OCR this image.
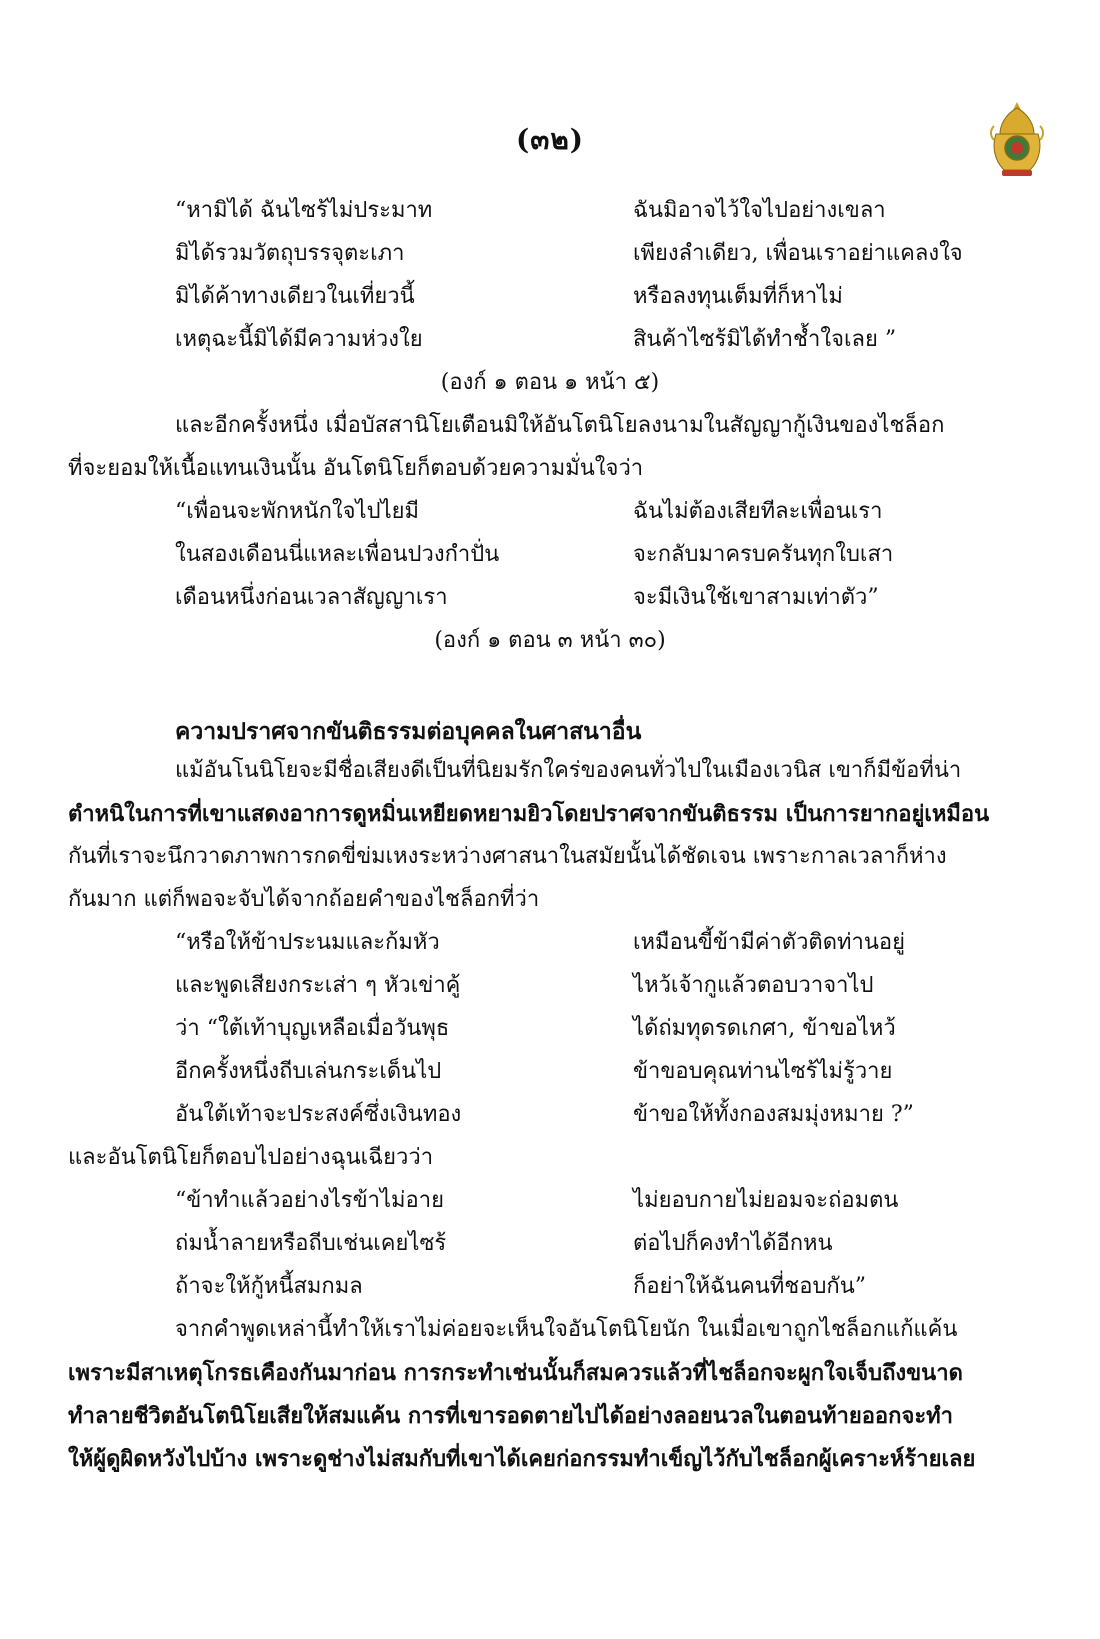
(๓๒)
“หามิได้ ฉันไซร้ไม่ประมาท	ฉันมิอาจไว้ใจไปอย่างเขลา
มิได้รวมวัตถุบรรจุตะเภา	เพียงลำเดียว, เพื่อนเราอย่าแคลงใจ
มิได้ค้าทางเดียวในเที่ยวนี้	หรือลงทุนเต็มที่ก็หาไม่
เหตุฉะนี้มิได้มีความห่วงใย	สินค้าไซร้มิได้ทำช้ำใจเลย ”
(องก์ ๑ ตอน ๑ หน้า ๕)
และอีกครั้งหนึ่ง เมื่อบัสสานิโยเตือนมิให้อันโตนิโยลงนามในสัญญากู้เงินของไชล็อก
ที่จะยอมให้เนื้อแทนเงินนั้น อันโตนิโยก็ตอบด้วยความมั่นใจว่า
“เพื่อนจะพักหนักใจไปไยมี	ฉันไม่ต้องเสียทีละเพื่อนเรา
ในสองเดือนนี่แหละเพื่อนปวงกำปั่น	จะกลับมาครบครันทุกใบเสา
เดือนหนึ่งก่อนเวลาสัญญาเรา	จะมีเงินใช้เขาสามเท่าตัว”
(องก์ ๑ ตอน ๓ หน้า ๓๐)
ความปราศจากขันติธรรมต่อบุคคลในศาสนาอื่น
แม้อันโนนิโยจะมีชื่อเสียงดีเป็นที่นิยมรักใคร่ของคนทั่วไปในเมืองเวนิส เขาก็มีข้อที่น่า
ตำหนิในการที่เขาแสดงอาการดูหมิ่นเหยียดหยามยิวโดยปราศจากขันติธรรม เป็นการยากอยู่เหมือน
กันที่เราจะนึกวาดภาพการกดขี่ข่มเหงระหว่างศาสนาในสมัยนั้นได้ชัดเจน เพราะกาลเวลาก็ห่าง
กันมาก แต่ก็พอจะจับได้จากถ้อยคำของไชล็อกที่ว่า
“หรือให้ข้าประนมและก้มหัว	เหมือนขี้ข้ามีค่าตัวติดท่านอยู่
และพูดเสียงกระเส่า ๆ หัวเข่าคู้	ไหว้เจ้ากูแล้วตอบวาจาไป
ว่า “ใต้เท้าบุญเหลือเมื่อวันพุธ	ได้ถ่มทุดรดเกศา, ข้าขอไหว้
อีกครั้งหนึ่งถีบเล่นกระเด็นไป	ข้าขอบคุณท่านไซร้ไม่รู้วาย
อันใต้เท้าจะประสงค์ซึ่งเงินทอง	ข้าขอให้ทั้งกองสมมุ่งหมาย ?”
และอันโตนิโยก็ตอบไปอย่างฉุนเฉียวว่า
“ข้าทำแล้วอย่างไรข้าไม่อาย	ไม่ยอบกายไม่ยอมจะถ่อมตน
ถ่มน้ำลายหรือถีบเช่นเคยไซร้	ต่อไปก็คงทำได้อีกหน
ถ้าจะให้กู้หนี้สมกมล	ก็อย่าให้ฉันคนที่ชอบกัน”
จากคำพูดเหล่านี้ทำให้เราไม่ค่อยจะเห็นใจอันโตนิโยนัก ในเมื่อเขาถูกไชล็อกแก้แค้น
เพราะมีสาเหตุโกรธเคืองกันมาก่อน การกระทำเช่นนั้นก็สมควรแล้วที่ไชล็อกจะผูกใจเจ็บถึงขนาด
ทำลายชีวิตอันโตนิโยเสียให้สมแค้น การที่เขารอดตายไปได้อย่างลอยนวลในตอนท้ายออกจะทำ
ให้ผู้ดูผิดหวังไปบ้าง เพราะดูช่างไม่สมกับที่เขาได้เคยก่อกรรมทำเข็ญไว้กับไชล็อกผู้เคราะห์ร้ายเลย
